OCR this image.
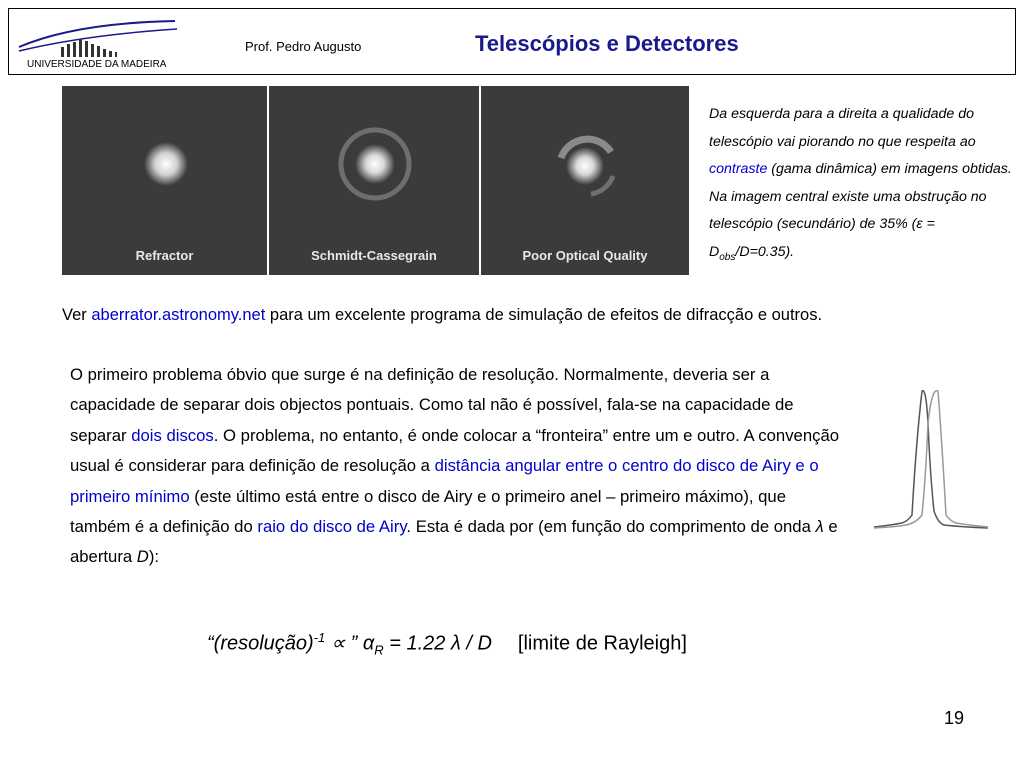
UNIVERSIDADE DA MADEIRA
Prof. Pedro Augusto	Telescópios e Detectores
Refractor	Schmidt-Cassegrain	Poor Optical Quality
Da esquerda para a direita a qualidade do telescópio vai piorando no que respeita ao contraste (gama dinâmica) em imagens obtidas. Na imagem central existe uma obstrução no telescópio (secundário) de 35% $(\varepsilon = D_{obs}/D=0.35)$.
Ver aberrator.astronomy.net para um excelente programa de simulação de efeitos de difracção e outros.
O primeiro problema óbvio que surge é na definição de resolução. Normalmente, deveria ser a capacidade de separar dois objectos pontuais. Como tal não é possível, fala-se na capacidade de separar dois discos. O problema, no entanto, é onde colocar a “fronteira” entre um e outro. A convenção usual é considerar para definição de resolução a distância angular entre o centro do disco de Airy e o primeiro mínimo (este último está entre o disco de Airy e o primeiro anel – primeiro máximo), que também é a definição do raio do disco de Airy. Esta é dada por (em função do comprimento de onda λ e abertura D):
“(resolução)$^{-1}$ ∝ ” $\alpha_R = 1.22$ λ / D [limite de Rayleigh]
19
